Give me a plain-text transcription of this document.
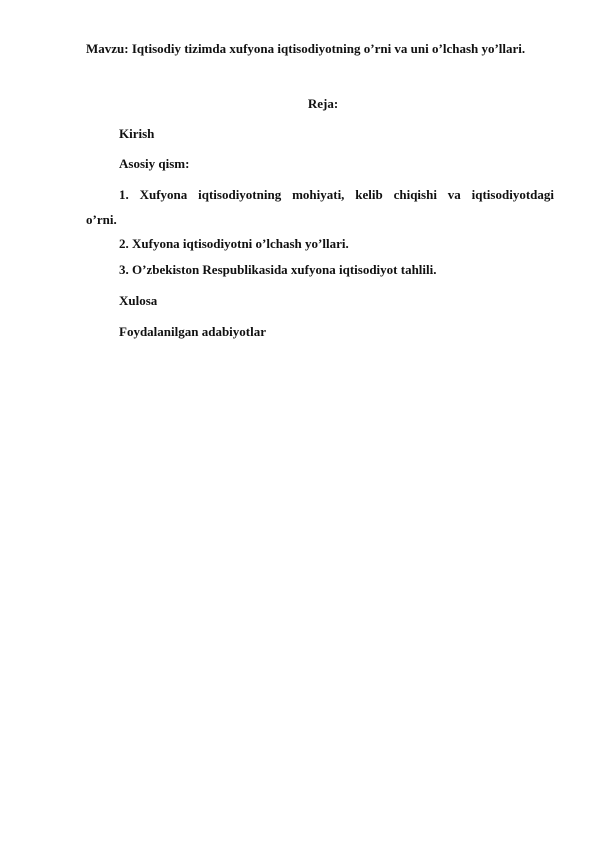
Mavzu: Iqtisodiy tizimda xufyona iqtisodiyotning o’rni va uni o’lchash yo’llari.
Reja:
Kirish
Asosiy qism:
1. Xufyona iqtisodiyotning mohiyati, kelib chiqishi va iqtisodiyotdagi
o’rni.
2. Xufyona iqtisodiyotni o’lchash yo’llari.
3. O’zbekiston Respublikasida xufyona iqtisodiyot tahlili.
Xulosa
Foydalanilgan adabiyotlar
